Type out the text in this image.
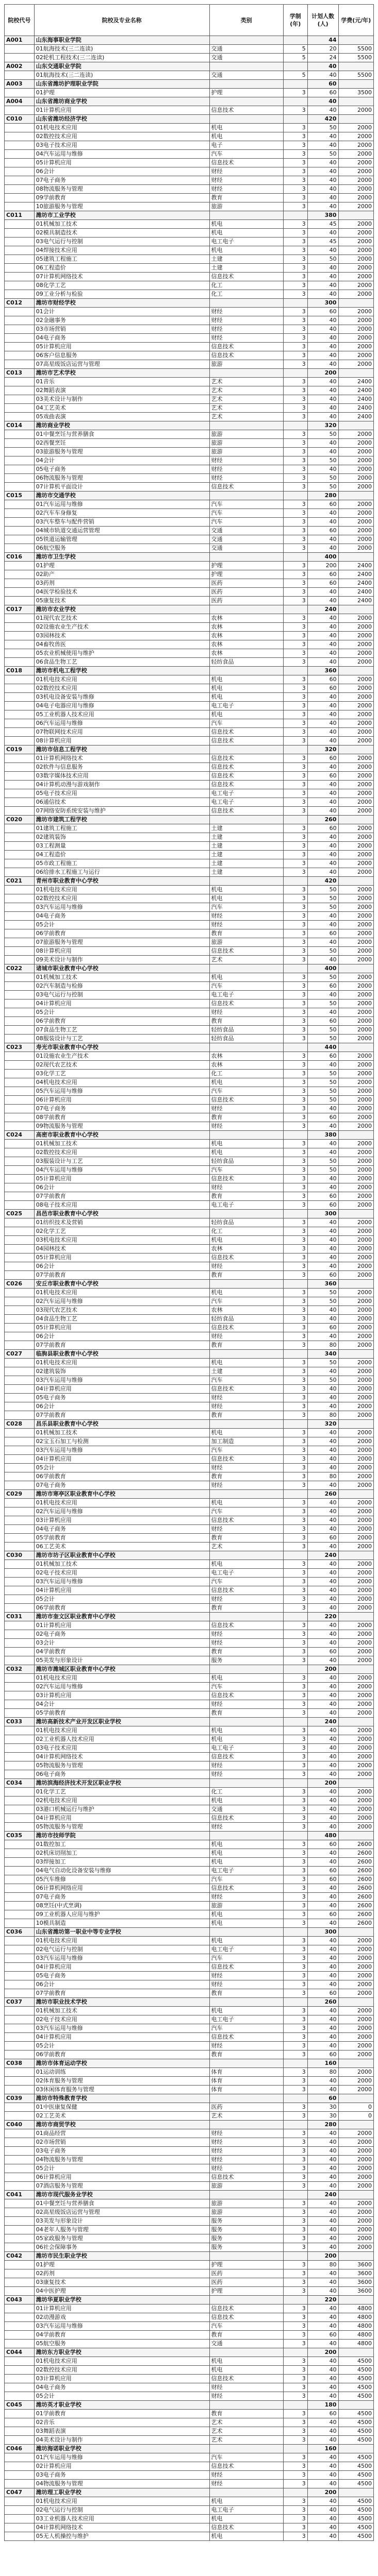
院校代号	院校及专业名称	类别	学制(年)	计划人数(人)	学费(元/年)
A001	山东海事职业学院			44	
	01航海技术(三二连读)	交通	5	20	5500
	02轮机工程技术(三二连读)	交通	5	24	5500
A002	山东交通职业学院			40	
	01航海技术(三二连读)	交通	5	40	5500
A003	山东省潍坊护理职业学院			60	
	01护理	护理	3	60	3500
A004	山东省潍坊商业学校			40	
	01计算机应用	信息技术	3	40	2000
C010	山东省潍坊经济学校			420	
	01机电技术应用	机电	3	50	2000
	02数控技术应用	机电	3	40	2000
	03电子技术应用	电子	3	40	2000
	04汽车运用与维修	汽车	3	50	2000
	05计算机应用	信息技术	3	40	2000
	06会计	财经	3	40	2000
	07电子商务	财经	3	40	2000
	08物流服务与管理	财经	3	40	2000
	09学前教育	教育	3	40	2000
	10旅游服务与管理	旅游	3	40	2000
C011	潍坊市工业学校			380	
	01机械加工技术	机电	3	45	2000
	02模具制造技术	机电	3	40	2000
	03电气运行与控制	电工电子	3	45	2000
	04焊接技术应用	机电	3	40	2000
	05建筑工程施工	土建	3	50	2000
	06工程造价	土建	3	40	2000
	07计算机网络技术	信息技术	3	40	2000
	08化学工艺	化工	3	40	2000
	09工业分析与检验	化工	3	40	2000
C012	潍坊市财经学校			300	
	01会计	财经	3	60	2000
	02金融事务	财经	3	40	2000
	03市场营销	财经	3	40	2000
	04电子商务	财经	3	40	2000
	05计算机应用	信息技术	3	40	2000
	06客户信息服务	信息技术	3	40	2000
	07高星级饭店运营与管理	旅游	3	40	2000
C013	潍坊市艺术学校			200	
	01音乐	艺术	3	40	2400
	02舞蹈表演	艺术	3	40	2400
	03美术设计与制作	艺术	3	40	2400
	04工艺美术	艺术	3	40	2400
	05戏曲表演	艺术	3	40	2400
C014	潍坊商业学校			320	
	01中餐烹饪与营养膳食	旅游	3	50	2000
	02西餐烹饪	旅游	3	40	2000
	03旅游服务与管理	旅游	3	40	2000
	04会计	财经	3	50	2000
	05电子商务	财经	3	40	2000
	06物流服务与管理	财经	3	50	2000
	07计算机平面设计	信息技术	3	50	2000
C015	潍坊市交通学校			280	
	01汽车运用与维修	汽车	3	60	2000
	02汽车车身修复	汽车	3	40	2000
	03汽车整车与配件营销	汽车	3	40	2000
	04城市轨道交通运营管理	交通	3	60	2000
	05铁道运输管理	交通	3	40	2000
	06航空服务	交通	3	40	2000
C016	潍坊市卫生学校			400	
	01护理	护理	3	200	2400
	02助产	护理	3	60	2400
	03药剂	医药	3	60	2400
	04医学检验技术	医药	3	40	2400
	05康复技术	医药	3	40	2400
C017	潍坊市农业学校			240	
	01现代农艺技术	农林	3	40	2000
	02设施农业生产技术	农林	3	40	2000
	03园林技术	农林	3	40	2000
	04畜牧兽医	农林	3	40	2000
	05农业机械使用与维护	农林	3	40	2000
	06食品生物工艺	轻纺食品	3	40	2000
C018	潍坊市机电工程学校			360	
	01机电技术应用	机电	3	60	2000
	02数控技术应用	机电	3	60	2000
	03机电设备安装与维修	机电	3	40	2000
	04电子电器应用与维修	电工电子	3	40	2000
	05工业机器人技术应用	机电	3	40	2000
	06汽车运用与维修	汽车	3	40	2000
	07物联网技术应用	信息技术	3	40	2000
	08计算机应用	信息技术	3	40	2000
C019	潍坊市信息工程学校			320	
	01计算机网络技术	信息技术	3	60	2000
	02软件与信息服务	信息技术	3	40	2000
	03数字媒体技术应用	信息技术	3	60	2000
	04计算机动漫与游戏制作	信息技术	3	40	2000
	05电子技术应用	电工电子	3	40	2000
	06通信技术	电工电子	3	40	2000
	07网络安防系统安装与维护	信息技术	3	40	2000
C020	潍坊市建筑工程学校			260	
	01建筑工程施工	土建	3	60	2000
	02建筑装饰	土建	3	40	2000
	03工程测量	土建	3	40	2000
	04工程造价	土建	3	40	2000
	05市政工程施工	土建	3	40	2000
	06给排水工程施工与运行	土建	3	40	2000
C021	青州市职业教育中心学校			420	
	01机电技术应用	机电	3	50	2000
	02数控技术应用	机电	3	50	2000
	03汽车运用与维修	汽车	3	50	2000
	04电子商务	财经	3	40	2000
	05会计	财经	3	40	2000
	06学前教育	教育	3	60	2000
	07旅游服务与管理	旅游	3	40	2000
	08计算机应用	信息技术	3	50	2000
	09美术设计与制作	艺术	3	40	2000
C022	诸城市职业教育中心学校			400	
	01机械加工技术	机电	3	50	2000
	02汽车制造与检修	汽车	3	60	2000
	03电气运行与控制	电工电子	3	40	2000
	04计算机应用	信息技术	3	50	2000
	05会计	财经	3	40	2000
	06学前教育	教育	3	60	2000
	07食品生物工艺	轻纺食品	3	50	2000
	08服装设计与工艺	轻纺食品	3	50	2000
C023	寿光市职业教育中心学校			440	
	01设施农业生产技术	农林	3	60	2000
	02现代农艺技术	农林	3	40	2000
	03化学工艺	化工	3	50	2000
	04机电技术应用	机电	3	50	2000
	05汽车运用与维修	汽车	3	50	2000
	06计算机应用	信息技术	3	50	2000
	07电子商务	财经	3	40	2000
	08学前教育	教育	3	60	2000
	09物流服务与管理	财经	3	40	2000
C024	高密市职业教育中心学校			380	
	01机械加工技术	机电	3	40	2000
	02数控技术应用	机电	3	40	2000
	03服装设计与工艺	轻纺食品	3	50	2000
	04汽车运用与维修	汽车	3	50	2000
	05计算机应用	信息技术	3	40	2000
	06会计	财经	3	40	2000
	07学前教育	教育	3	60	2000
	08电子技术应用	电工电子	3	60	2000
C025	昌邑市职业教育中心学校			300	
	01纺织技术及营销	轻纺食品	3	40	2000
	02化学工艺	化工	3	40	2000
	03机电技术应用	机电	3	40	2000
	04园林技术	农林	3	40	2000
	05计算机应用	信息技术	3	40	2000
	06会计	财经	3	40	2000
	07学前教育	教育	3	60	2000
C026	安丘市职业教育中心学校			360	
	01机电技术应用	机电	3	50	2000
	02汽车运用与维修	汽车	3	50	2000
	03现代农艺技术	农林	3	40	2000
	04食品生物工艺	轻纺食品	3	40	2000
	05计算机应用	信息技术	3	60	2000
	06会计	财经	3	40	2000
	07学前教育	教育	3	80	2000
C027	临朐县职业教育中心学校			340	
	01机电技术应用	机电	3	50	2000
	02建筑装饰	土建	3	40	2000
	03汽车运用与维修	汽车	3	50	2000
	04计算机应用	信息技术	3	40	2000
	05电子商务	财经	3	40	2000
	06会计	财经	3	40	2000
	07学前教育	教育	3	80	2000
C028	昌乐县职业教育中心学校			320	
	01机械加工技术	机电	3	40	2000
	02宝玉石加工与检测	加工制造	3	40	2000
	03汽车运用与维修	汽车	3	40	2000
	04计算机应用	信息技术	3	40	2000
	05会计	财经	3	40	2000
	06学前教育	教育	3	80	2000
	07电子商务	财经	3	40	2000
C029	潍坊市寒亭区职业教育中心学校			260	
	01机电技术应用	机电	3	40	2000
	02汽车运用与维修	汽车	3	40	2000
	03计算机应用	信息技术	3	40	2000
	04电子商务	财经	3	40	2000
	05学前教育	教育	3	60	2000
	06工艺美术	艺术	3	40	2000
C030	潍坊市坊子区职业教育中心学校			240	
	01机械加工技术	机电	3	40	2000
	02电子技术应用	电工电子	3	40	2000
	03汽车运用与维修	汽车	3	40	2000
	04计算机应用	信息技术	3	40	2000
	05会计	财经	3	40	2000
	06学前教育	教育	3	40	2000
C031	潍坊市奎文区职业教育中心学校			220	
	01计算机应用	信息技术	3	40	2000
	02电子商务	财经	3	40	2000
	03会计	财经	3	40	2000
	04学前教育	教育	3	60	2000
	05美发与形象设计	服务	3	40	2000
C032	潍坊市潍城区职业教育中心学校			200	
	01机电技术应用	机电	3	40	2000
	02汽车运用与维修	汽车	3	40	2000
	03计算机应用	信息技术	3	40	2000
	04会计	财经	3	40	2000
	05学前教育	教育	3	40	2000
C033	潍坊高新技术产业开发区职业学校			240	
	01机电技术应用	机电	3	40	2000
	02工业机器人技术应用	机电	3	40	2000
	03电子技术应用	电工电子	3	40	2000
	04计算机网络技术	信息技术	3	40	2000
	05物流服务与管理	财经	3	40	2000
	06电子商务	财经	3	40	2000
C034	潍坊滨海经济技术开发区职业学校			200	
	01化学工艺	化工	3	40	2000
	02机电技术应用	机电	3	40	2000
	03港口机械运行与维护	交通	3	40	2000
	04计算机应用	信息技术	3	40	2000
	05物流服务与管理	财经	3	40	2000
C035	潍坊市技师学院			480	
	01数控加工	机电	3	60	2600
	02机床切削加工	机电	3	40	2600
	03焊接加工	机电	3	40	2600
	04电气自动化设备安装与维修	电工电子	3	60	2600
	05汽车维修	汽车	3	60	2600
	06计算机网络应用	信息技术	3	40	2600
	07电子商务	财经	3	40	2600
	08烹饪(中式烹调)	旅游	3	40	2600
	09工业机器人应用与维护	机电	3	60	2600
	10模具制造	机电	3	40	2600
C036	山东省潍坊第一职业中等专业学校			300	
	01机电技术应用	机电	3	40	2000
	02电气运行与控制	电工电子	3	40	2000
	03汽车运用与维修	汽车	3	40	2000
	04计算机应用	信息技术	3	40	2000
	05电子商务	财经	3	40	2000
	06会计	财经	3	40	2000
	07学前教育	教育	3	60	2000
C037	潍坊市职业技术学校			260	
	01机械加工技术	机电	3	40	2000
	02电子技术应用	电工电子	3	40	2000
	03汽车运用与维修	汽车	3	40	2000
	04计算机应用	信息技术	3	40	2000
	05会计	财经	3	40	2000
	06学前教育	教育	3	60	2000
C038	潍坊市体育运动学校			160	
	01运动训练	体育	3	80	2000
	02体育服务与管理	体育	3	40	2000
	03休闲体育服务与管理	体育	3	40	2000
C039	潍坊市特殊教育学校			60	
	01中医康复保健	医药	3	30	0
	02工艺美术	艺术	3	30	0
C040	潍坊市商贸学校			280	
	01商品经营	财经	3	40	2000
	02市场营销	财经	3	40	2000
	03电子商务	财经	3	40	2000
	04物流服务与管理	财经	3	40	2000
	05会计	财经	3	40	2000
	06计算机应用	信息技术	3	40	2000
	07酒店服务与管理	旅游	3	40	2000
C041	潍坊市现代服务业学校			240	
	01中餐烹饪与营养膳食	旅游	3	40	2000
	02高星级饭店运营与管理	旅游	3	40	2000
	03美发与形象设计	服务	3	40	2000
	04老年人服务与管理	服务	3	40	2000
	05家政服务与管理	服务	3	40	2000
	06社会保障事务	服务	3	40	2000
C042	潍坊市民生职业学校			200	
	01护理	护理	3	80	3600
	02药剂	医药	3	40	3600
	03康复技术	医药	3	40	3600
	04中医护理	护理	3	40	3600
C043	潍坊华夏职业学校			220	
	01计算机应用	信息技术	3	40	4800
	02动漫游戏	信息技术	3	40	4800
	03汽车运用与维修	汽车	3	40	4800
	04学前教育	教育	3	60	4800
	05航空服务	交通	3	40	4800
C044	潍坊东方职业学校			200	
	01机电技术应用	机电	3	40	4500
	02数控技术应用	机电	3	40	4500
	03计算机应用	信息技术	3	40	4500
	04电子商务	财经	3	40	4500
	05会计	财经	3	40	4500
C045	潍坊英才职业学校			180	
	01学前教育	教育	3	60	4500
	02音乐	艺术	3	40	4500
	03舞蹈表演	艺术	3	40	4500
	04美术设计与制作	艺术	3	40	4500
C046	潍坊海诺职业学校			160	
	01汽车运用与维修	汽车	3	40	4500
	02计算机应用	信息技术	3	40	4500
	03电子商务	财经	3	40	4500
	04物流服务与管理	财经	3	40	4500
C047	潍坊理工职业学校			200	
	01机电技术应用	机电	3	40	4500
	02电气运行与控制	电工电子	3	40	4500
	03工业机器人技术应用	机电	3	40	4500
	04计算机网络技术	信息技术	3	40	4500
	05无人机操控与维护	机电	3	40	4500
